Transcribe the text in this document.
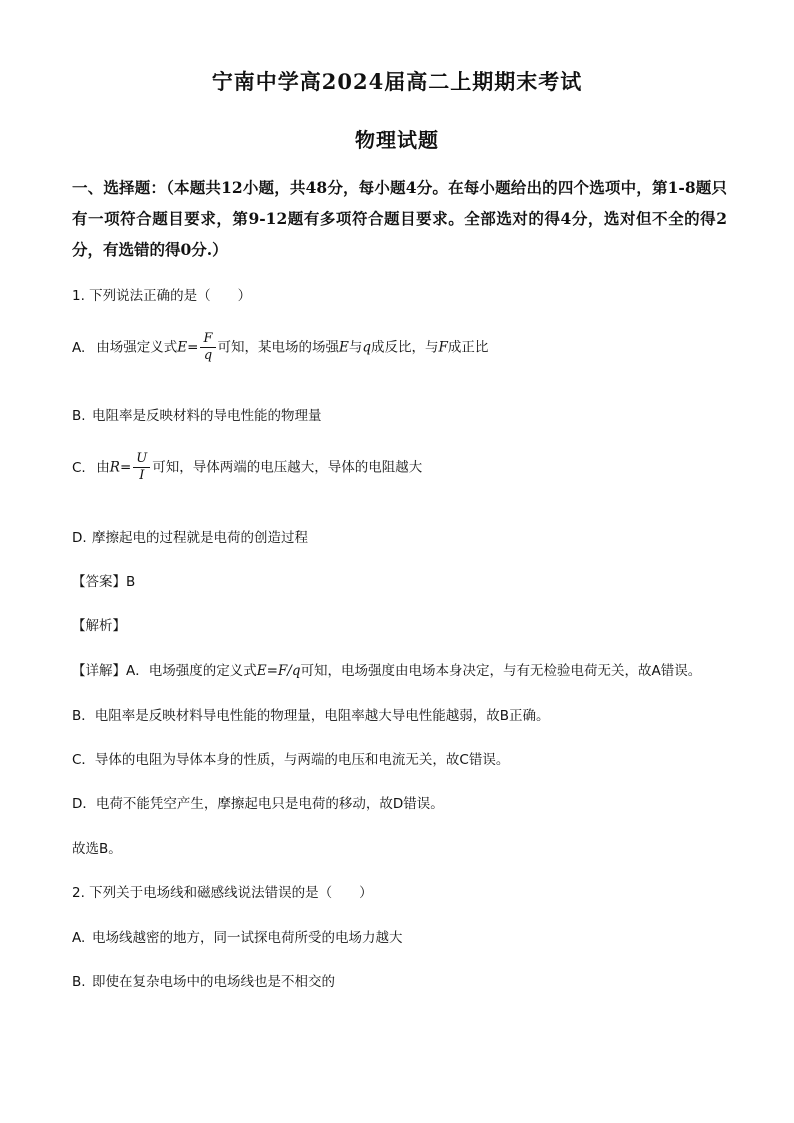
宁南中学高2024届高二上期期末考试
物理试题
一、选择题：（本题共12小题，共48分，每小题4分。在每小题给出的四个选项中，第1-8题只有一项符合题目要求，第9-12题有多项符合题目要求。全部选对的得4分，选对但不全的得2分，有选错的得0分.）
1. 下列说法正确的是（　　）
A. 由场强定义式$E= \frac{F}{q}$ 可知，某电场的场强E与q成反比，与F成正比
B. 电阻率是反映材料的导电性能的物理量
C. 由$R= \frac{U}{I}$ 可知，导体两端的电压越大，导体的电阻越大
D. 摩擦起电的过程就是电荷的创造过程
【答案】B
【解析】
【详解】A．电场强度的定义式E=F/q可知，电场强度由电场本身决定，与有无检验电荷无关，故A错误。
B．电阻率是反映材料导电性能的物理量，电阻率越大导电性能越弱，故B正确。
C．导体的电阻为导体本身的性质，与两端的电压和电流无关，故C错误。
D．电荷不能凭空产生，摩擦起电只是电荷的移动，故D错误。
故选B。
2. 下列关于电场线和磁感线说法错误的是（　　）
A. 电场线越密的地方，同一试探电荷所受的电场力越大
B. 即使在复杂电场中的电场线也是不相交的
